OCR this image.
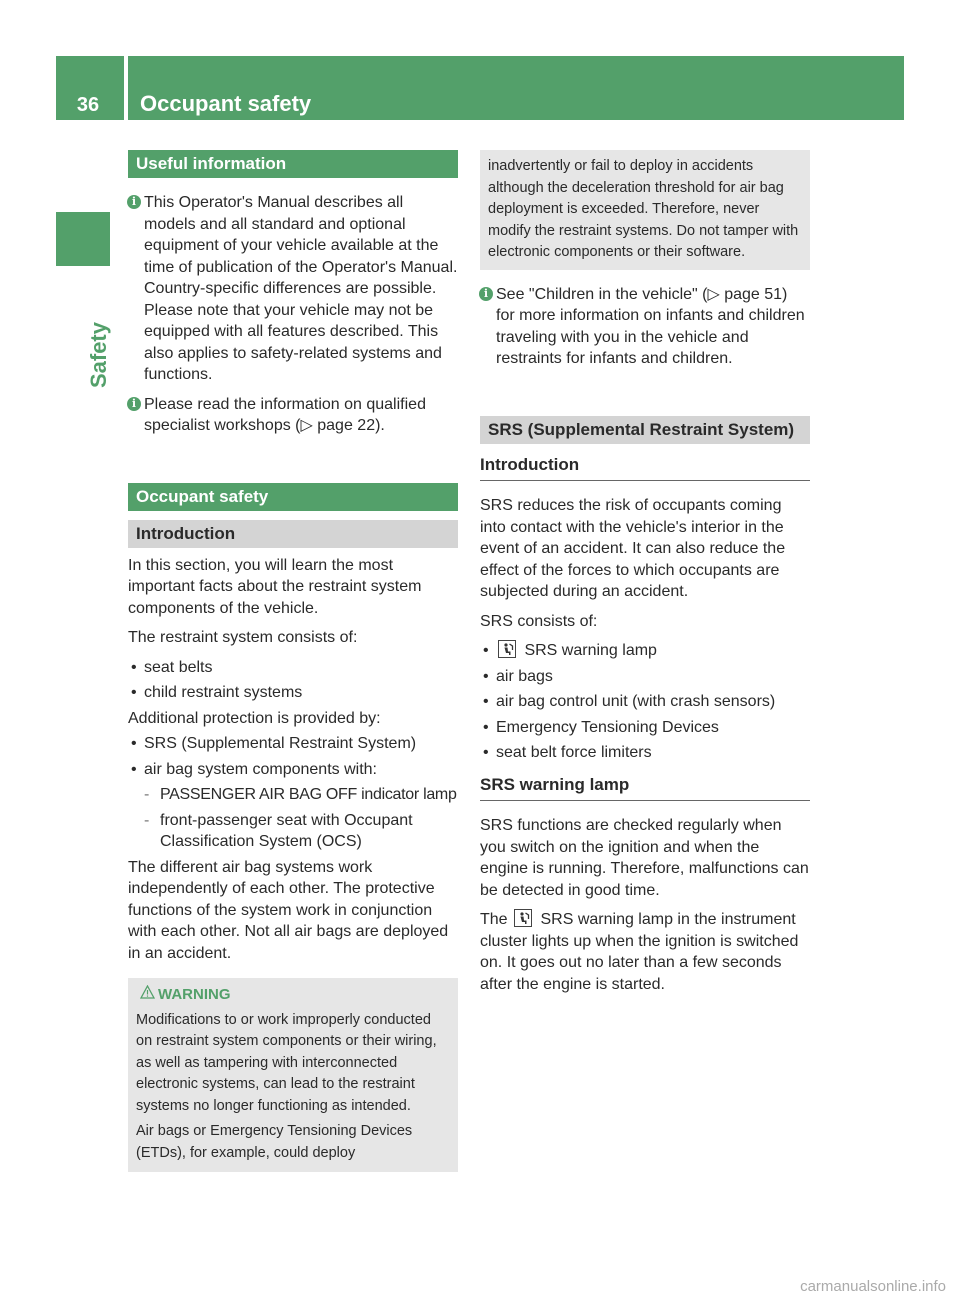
36	Occupant safety
Safety
Useful information
i This Operator's Manual describes all models and all standard and optional equipment of your vehicle available at the time of publication of the Operator's Manual. Country-specific differences are possible. Please note that your vehicle may not be equipped with all features described. This also applies to safety-related systems and functions.
i Please read the information on qualified specialist workshops (▷ page 22).
Occupant safety
Introduction

In this section, you will learn the most important facts about the restraint system components of the vehicle.

The restraint system consists of:

• seat belts
• child restraint systems

Additional protection is provided by:

• SRS (Supplemental Restraint System)
• air bag system components with:
- PASSENGER AIR BAG OFF indicator lamp
- front-passenger seat with Occupant Classification System (OCS)

The different air bag systems work independently of each other. The protective functions of the system work in conjunction with each other. Not all air bags are deployed in an accident.

WARNING

Modifications to or work improperly conducted on restraint system components or their wiring, as well as tampering with interconnected electronic systems, can lead to the restraint systems no longer functioning as intended.

Air bags or Emergency Tensioning Devices (ETDs), for example, could deploy

inadvertently or fail to deploy in accidents although the deceleration threshold for air bag deployment is exceeded. Therefore, never modify the restraint systems. Do not tamper with electronic components or their software.

i See "Children in the vehicle" (▷ page 51) for more information on infants and children traveling with you in the vehicle and restraints for infants and children.
SRS (Supplemental Restraint System)
Introduction

SRS reduces the risk of occupants coming into contact with the vehicle's interior in the event of an accident. It can also reduce the effect of the forces to which occupants are subjected during an accident.

SRS consists of:

• SRS warning lamp
• air bags
• air bag control unit (with crash sensors)
• Emergency Tensioning Devices
• seat belt force limiters
SRS warning lamp

SRS functions are checked regularly when you switch on the ignition and when the engine is running. Therefore, malfunctions can be detected in good time.

The SRS warning lamp in the instrument cluster lights up when the ignition is switched on. It goes out no later than a few seconds after the engine is started.

carmanualsonline.info
